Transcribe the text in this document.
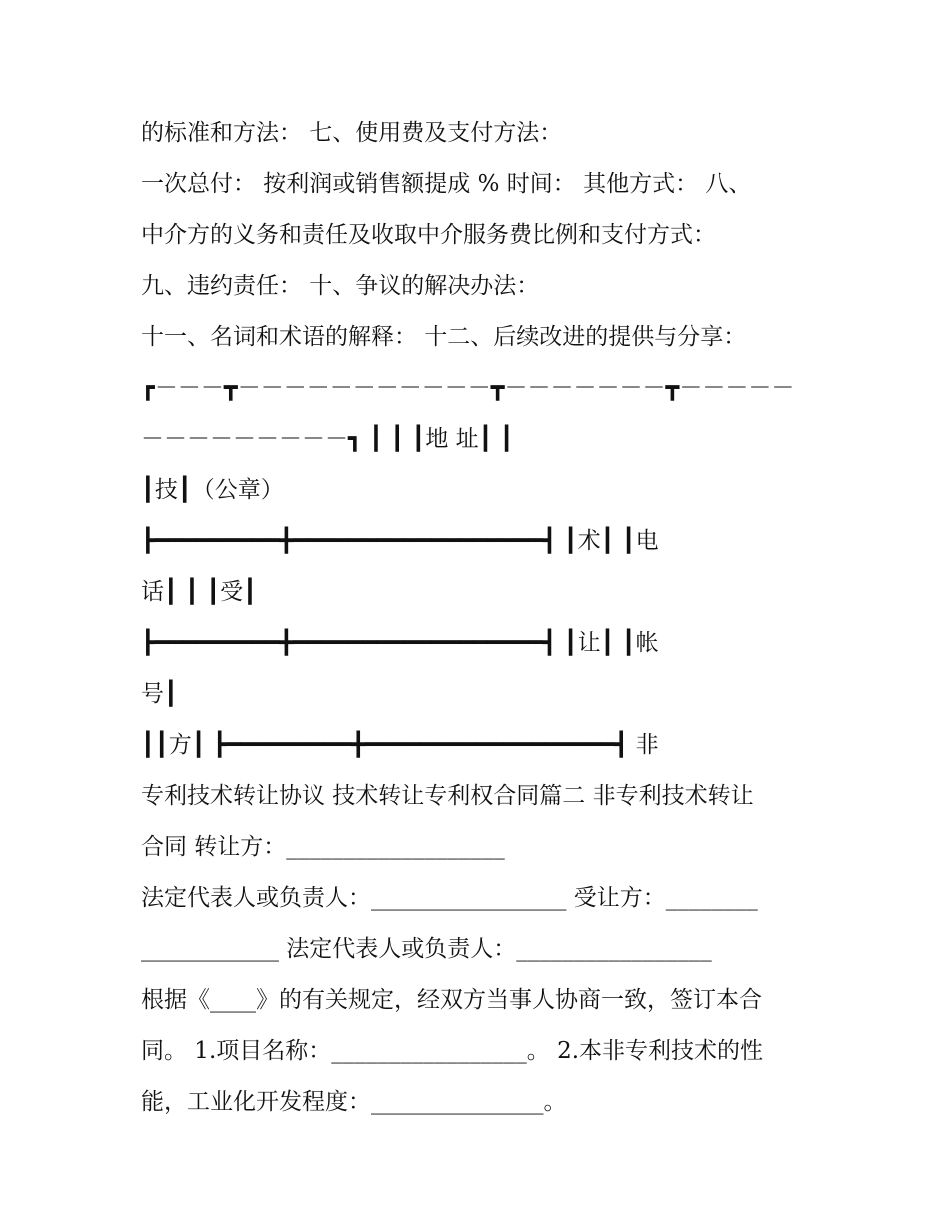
的标准和方法： 七、使用费及支付方法：
一次总付： 按利润或销售额提成 % 时间： 其他方式： 八、
中介方的义务和责任及收取中介服务费比例和支付方式：
九、违约责任： 十、争议的解决办法：
十一、名词和术语的解释： 十二、后续改进的提供与分享：
┏－－－┳－－－－－－－－－－－┳－－－－－－－┳－－－－－
－－－－－－－－－┓ ┃ ┃ ┃地 址┃ ┃
┃技┃（公章）
┣━━━━━━━━━╋━━━━━━━━━━━━━━━━━━┫ ┃术┃ ┃电
话┃ ┃ ┃受┃
┣━━━━━━━━━╋━━━━━━━━━━━━━━━━━━┫ ┃让┃ ┃帐
号┃
┃┃方┃ ┣━━━━━━━━━╋━━━━━━━━━━━━━━━━━━┫ 非
专利技术转让协议 技术转让专利权合同篇二 非专利技术转让
合同 转让方：___________________
法定代表人或负责人：_________________ 受让方：________
____________ 法定代表人或负责人：_________________
根据《____》的有关规定，经双方当事人协商一致，签订本合
同。 1.项目名称：_________________。 2.本非专利技术的性
能，工业化开发程度：_______________。
